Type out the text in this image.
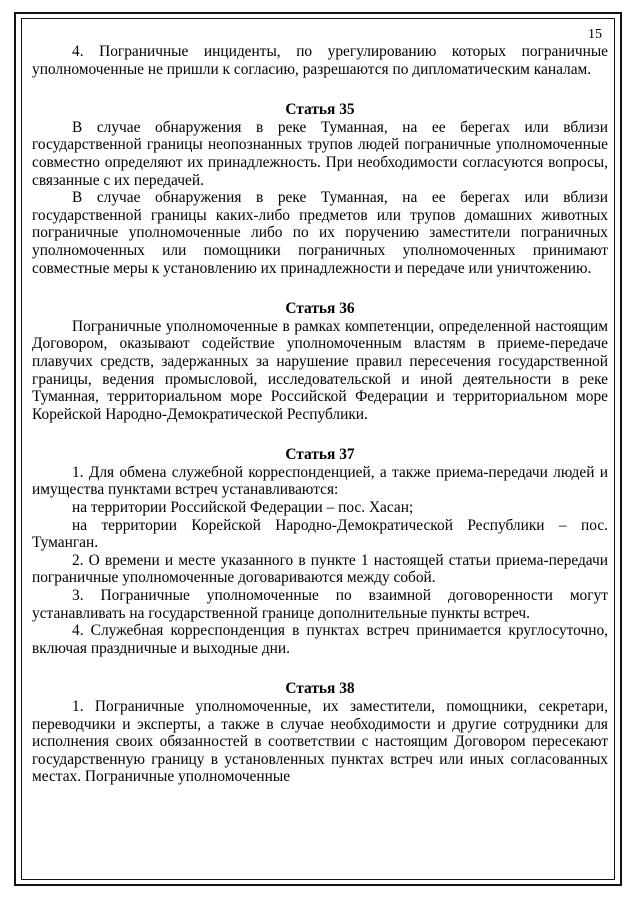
15

4. Пограничные инциденты, по урегулированию которых пограничные уполномоченные не пришли к согласию, разрешаются по дипломатическим каналам.

Статья 35

В случае обнаружения в реке Туманная, на ее берегах или вблизи государственной границы неопознанных трупов людей пограничные уполномоченные совместно определяют их принадлежность. При необходимости согласуются вопросы, связанные с их передачей.

В случае обнаружения в реке Туманная, на ее берегах или вблизи государственной границы каких-либо предметов или трупов домашних животных пограничные уполномоченные либо по их поручению заместители пограничных уполномоченных или помощники пограничных уполномоченных принимают совместные меры к установлению их принадлежности и передаче или уничтожению.

Статья 36

Пограничные уполномоченные в рамках компетенции, определенной настоящим Договором, оказывают содействие уполномоченным властям в приеме-передаче плавучих средств, задержанных за нарушение правил пересечения государственной границы, ведения промысловой, исследовательской и иной деятельности в реке Туманная, территориальном море Российской Федерации и территориальном море Корейской Народно-Демократической Республики.

Статья 37

1. Для обмена служебной корреспонденцией, а также приема-передачи людей и имущества пунктами встреч устанавливаются:

на территории Российской Федерации – пос. Хасан;

на территории Корейской Народно-Демократической Республики – пос. Туманган.

2. О времени и месте указанного в пункте 1 настоящей статьи приема-передачи пограничные уполномоченные договариваются между собой.

3. Пограничные уполномоченные по взаимной договоренности могут устанавливать на государственной границе дополнительные пункты встреч.

4. Служебная корреспонденция в пунктах встреч принимается круглосуточно, включая праздничные и выходные дни.

Статья 38

1. Пограничные уполномоченные, их заместители, помощники, секретари, переводчики и эксперты, а также в случае необходимости и другие сотрудники для исполнения своих обязанностей в соответствии с настоящим Договором пересекают государственную границу в установленных пунктах встреч или иных согласованных местах. Пограничные уполномоченные
